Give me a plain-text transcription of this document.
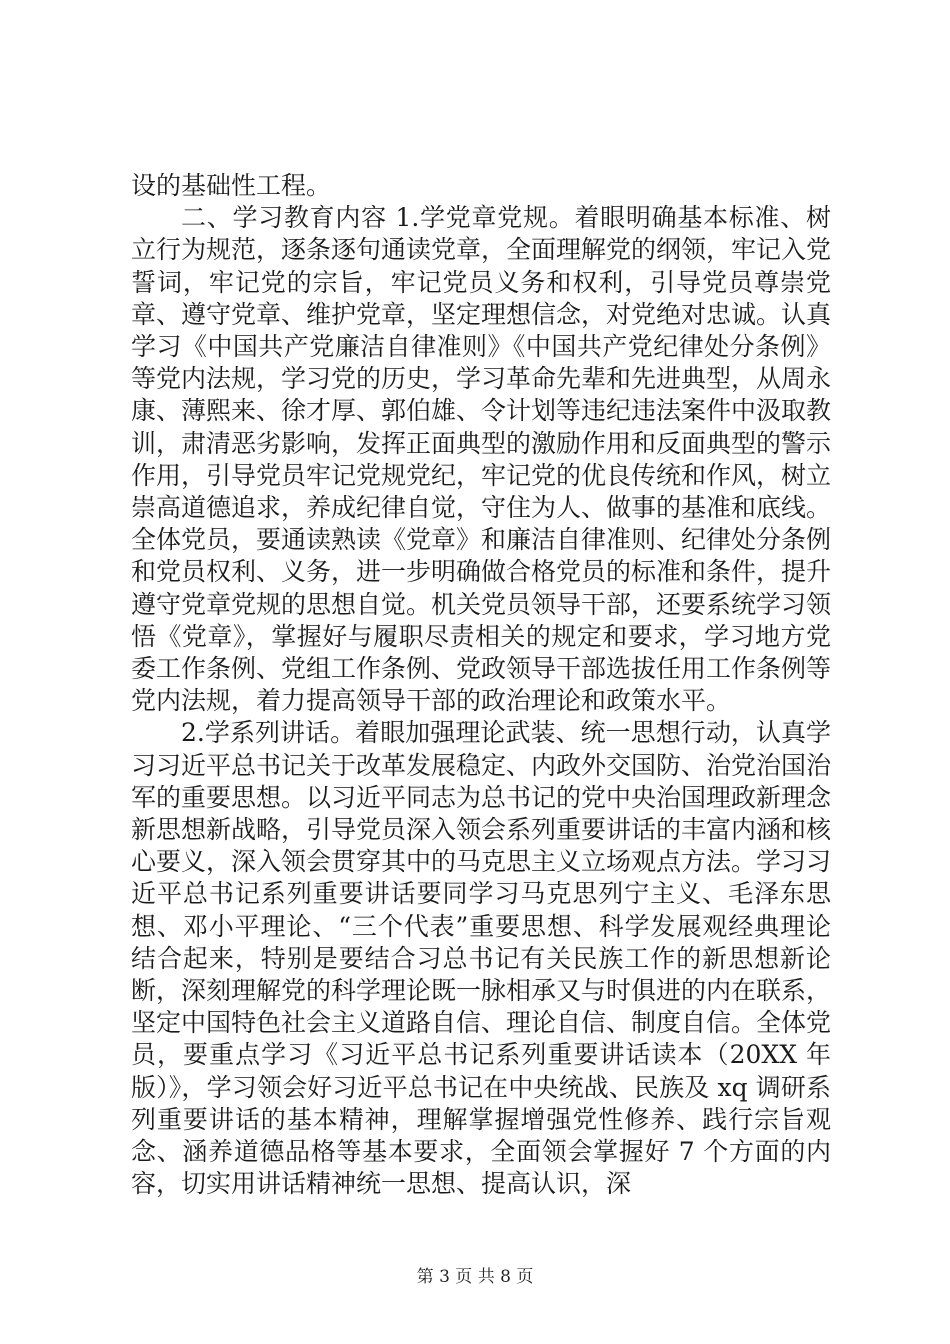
设的基础性工程。

二、学习教育内容 1.学党章党规。着眼明确基本标准、树立行为规范，逐条逐句通读党章，全面理解党的纲领，牢记入党誓词，牢记党的宗旨，牢记党员义务和权利，引导党员尊崇党章、遵守党章、维护党章，坚定理想信念，对党绝对忠诚。认真学习《中国共产党廉洁自律准则》《中国共产党纪律处分条例》等党内法规，学习党的历史，学习革命先辈和先进典型，从周永康、薄熙来、徐才厚、郭伯雄、令计划等违纪违法案件中汲取教训，肃清恶劣影响，发挥正面典型的激励作用和反面典型的警示作用，引导党员牢记党规党纪，牢记党的优良传统和作风，树立崇高道德追求，养成纪律自觉，守住为人、做事的基准和底线。全体党员，要通读熟读《党章》和廉洁自律准则、纪律处分条例和党员权利、义务，进一步明确做合格党员的标准和条件，提升遵守党章党规的思想自觉。机关党员领导干部，还要系统学习领悟《党章》，掌握好与履职尽责相关的规定和要求，学习地方党委工作条例、党组工作条例、党政领导干部选拔任用工作条例等党内法规，着力提高领导干部的政治理论和政策水平。

2.学系列讲话。着眼加强理论武装、统一思想行动，认真学习习近平总书记关于改革发展稳定、内政外交国防、治党治国治军的重要思想。以习近平同志为总书记的党中央治国理政新理念新思想新战略，引导党员深入领会系列重要讲话的丰富内涵和核心要义，深入领会贯穿其中的马克思主义立场观点方法。学习习近平总书记系列重要讲话要同学习马克思列宁主义、毛泽东思想、邓小平理论、“三个代表”重要思想、科学发展观经典理论结合起来，特别是要结合习总书记有关民族工作的新思想新论断，深刻理解党的科学理论既一脉相承又与时俱进的内在联系，坚定中国特色社会主义道路自信、理论自信、制度自信。全体党员，要重点学习《习近平总书记系列重要讲话读本（20XX 年版）》，学习领会好习近平总书记在中央统战、民族及 xq 调研系列重要讲话的基本精神，理解掌握增强党性修养、践行宗旨观念、涵养道德品格等基本要求，全面领会掌握好 7 个方面的内容，切实用讲话精神统一思想、提高认识，深

第 3 页 共 8 页
